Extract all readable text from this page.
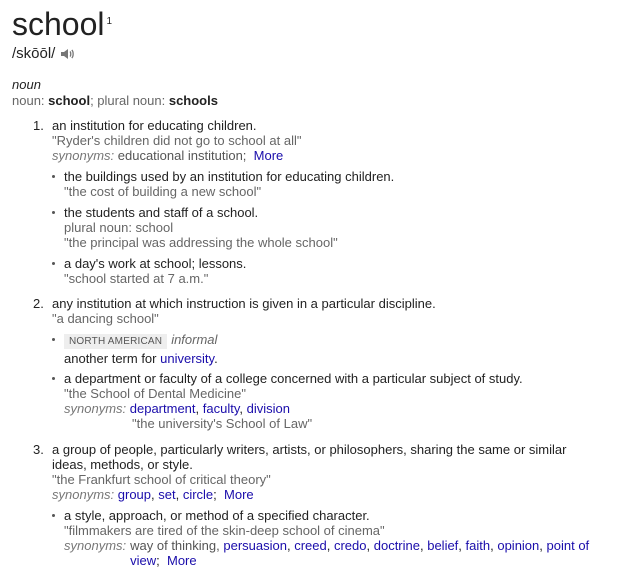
school $^1$
/skōōl/
noun
noun: school; plural noun: schools
1. an institution for educating children.
"Ryder's children did not go to school at all"
synonyms: educational institution; More
the buildings used by an institution for educating children.
"the cost of building a new school"
the students and staff of a school.
plural noun: school
"the principal was addressing the whole school"
a day's work at school; lessons.
"school started at 7 a.m."
2. any institution at which instruction is given in a particular discipline.
"a dancing school"
NORTH AMERICAN informal
another term for university.
a department or faculty of a college concerned with a particular subject of study.
"the School of Dental Medicine"
synonyms: department, faculty, division
"the university's School of Law"
3. a group of people, particularly writers, artists, or philosophers, sharing the same or similar
ideas, methods, or style.
"the Frankfurt school of critical theory"
synonyms: group, set, circle;  More
a style, approach, or method of a specified character.
"filmmakers are tired of the skin-deep school of cinema"
synonyms: way of thinking, persuasion, creed, credo, doctrine, belief, faith, opinion, point of
view;  More
